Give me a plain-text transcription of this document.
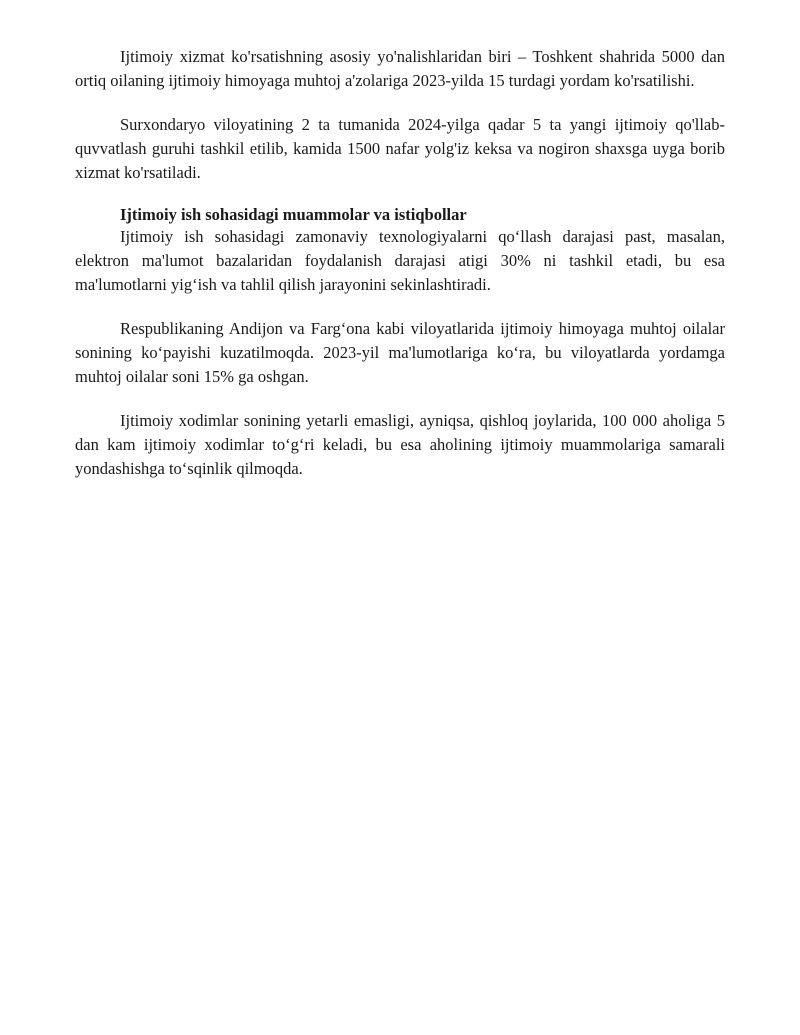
Ijtimoiy xizmat ko'rsatishning asosiy yo'nalishlaridan biri – Toshkent shahrida 5000 dan ortiq oilaning ijtimoiy himoyaga muhtoj a'zolariga 2023-yilda 15 turdagi yordam ko'rsatilishi.

Surxondaryo viloyatining 2 ta tumanida 2024-yilga qadar 5 ta yangi ijtimoiy qo'llab-quvvatlash guruhi tashkil etilib, kamida 1500 nafar yolg'iz keksa va nogiron shaxsga uyga borib xizmat ko'rsatiladi.

Ijtimoiy ish sohasidagi muammolar va istiqbollar

Ijtimoiy ish sohasidagi zamonaviy texnologiyalarni qo‘llash darajasi past, masalan, elektron ma'lumot bazalaridan foydalanish darajasi atigi 30% ni tashkil etadi, bu esa ma'lumotlarni yig‘ish va tahlil qilish jarayonini sekinlashtiradi.

Respublikaning Andijon va Farg‘ona kabi viloyatlarida ijtimoiy himoyaga muhtoj oilalar sonining ko‘payishi kuzatilmoqda. 2023-yil ma'lumotlariga ko‘ra, bu viloyatlarda yordamga muhtoj oilalar soni 15% ga oshgan.

Ijtimoiy xodimlar sonining yetarli emasligi, ayniqsa, qishloq joylarida, 100 000 aholiga 5 dan kam ijtimoiy xodimlar to‘g‘ri keladi, bu esa aholining ijtimoiy muammolariga samarali yondashishga to‘sqinlik qilmoqda.
